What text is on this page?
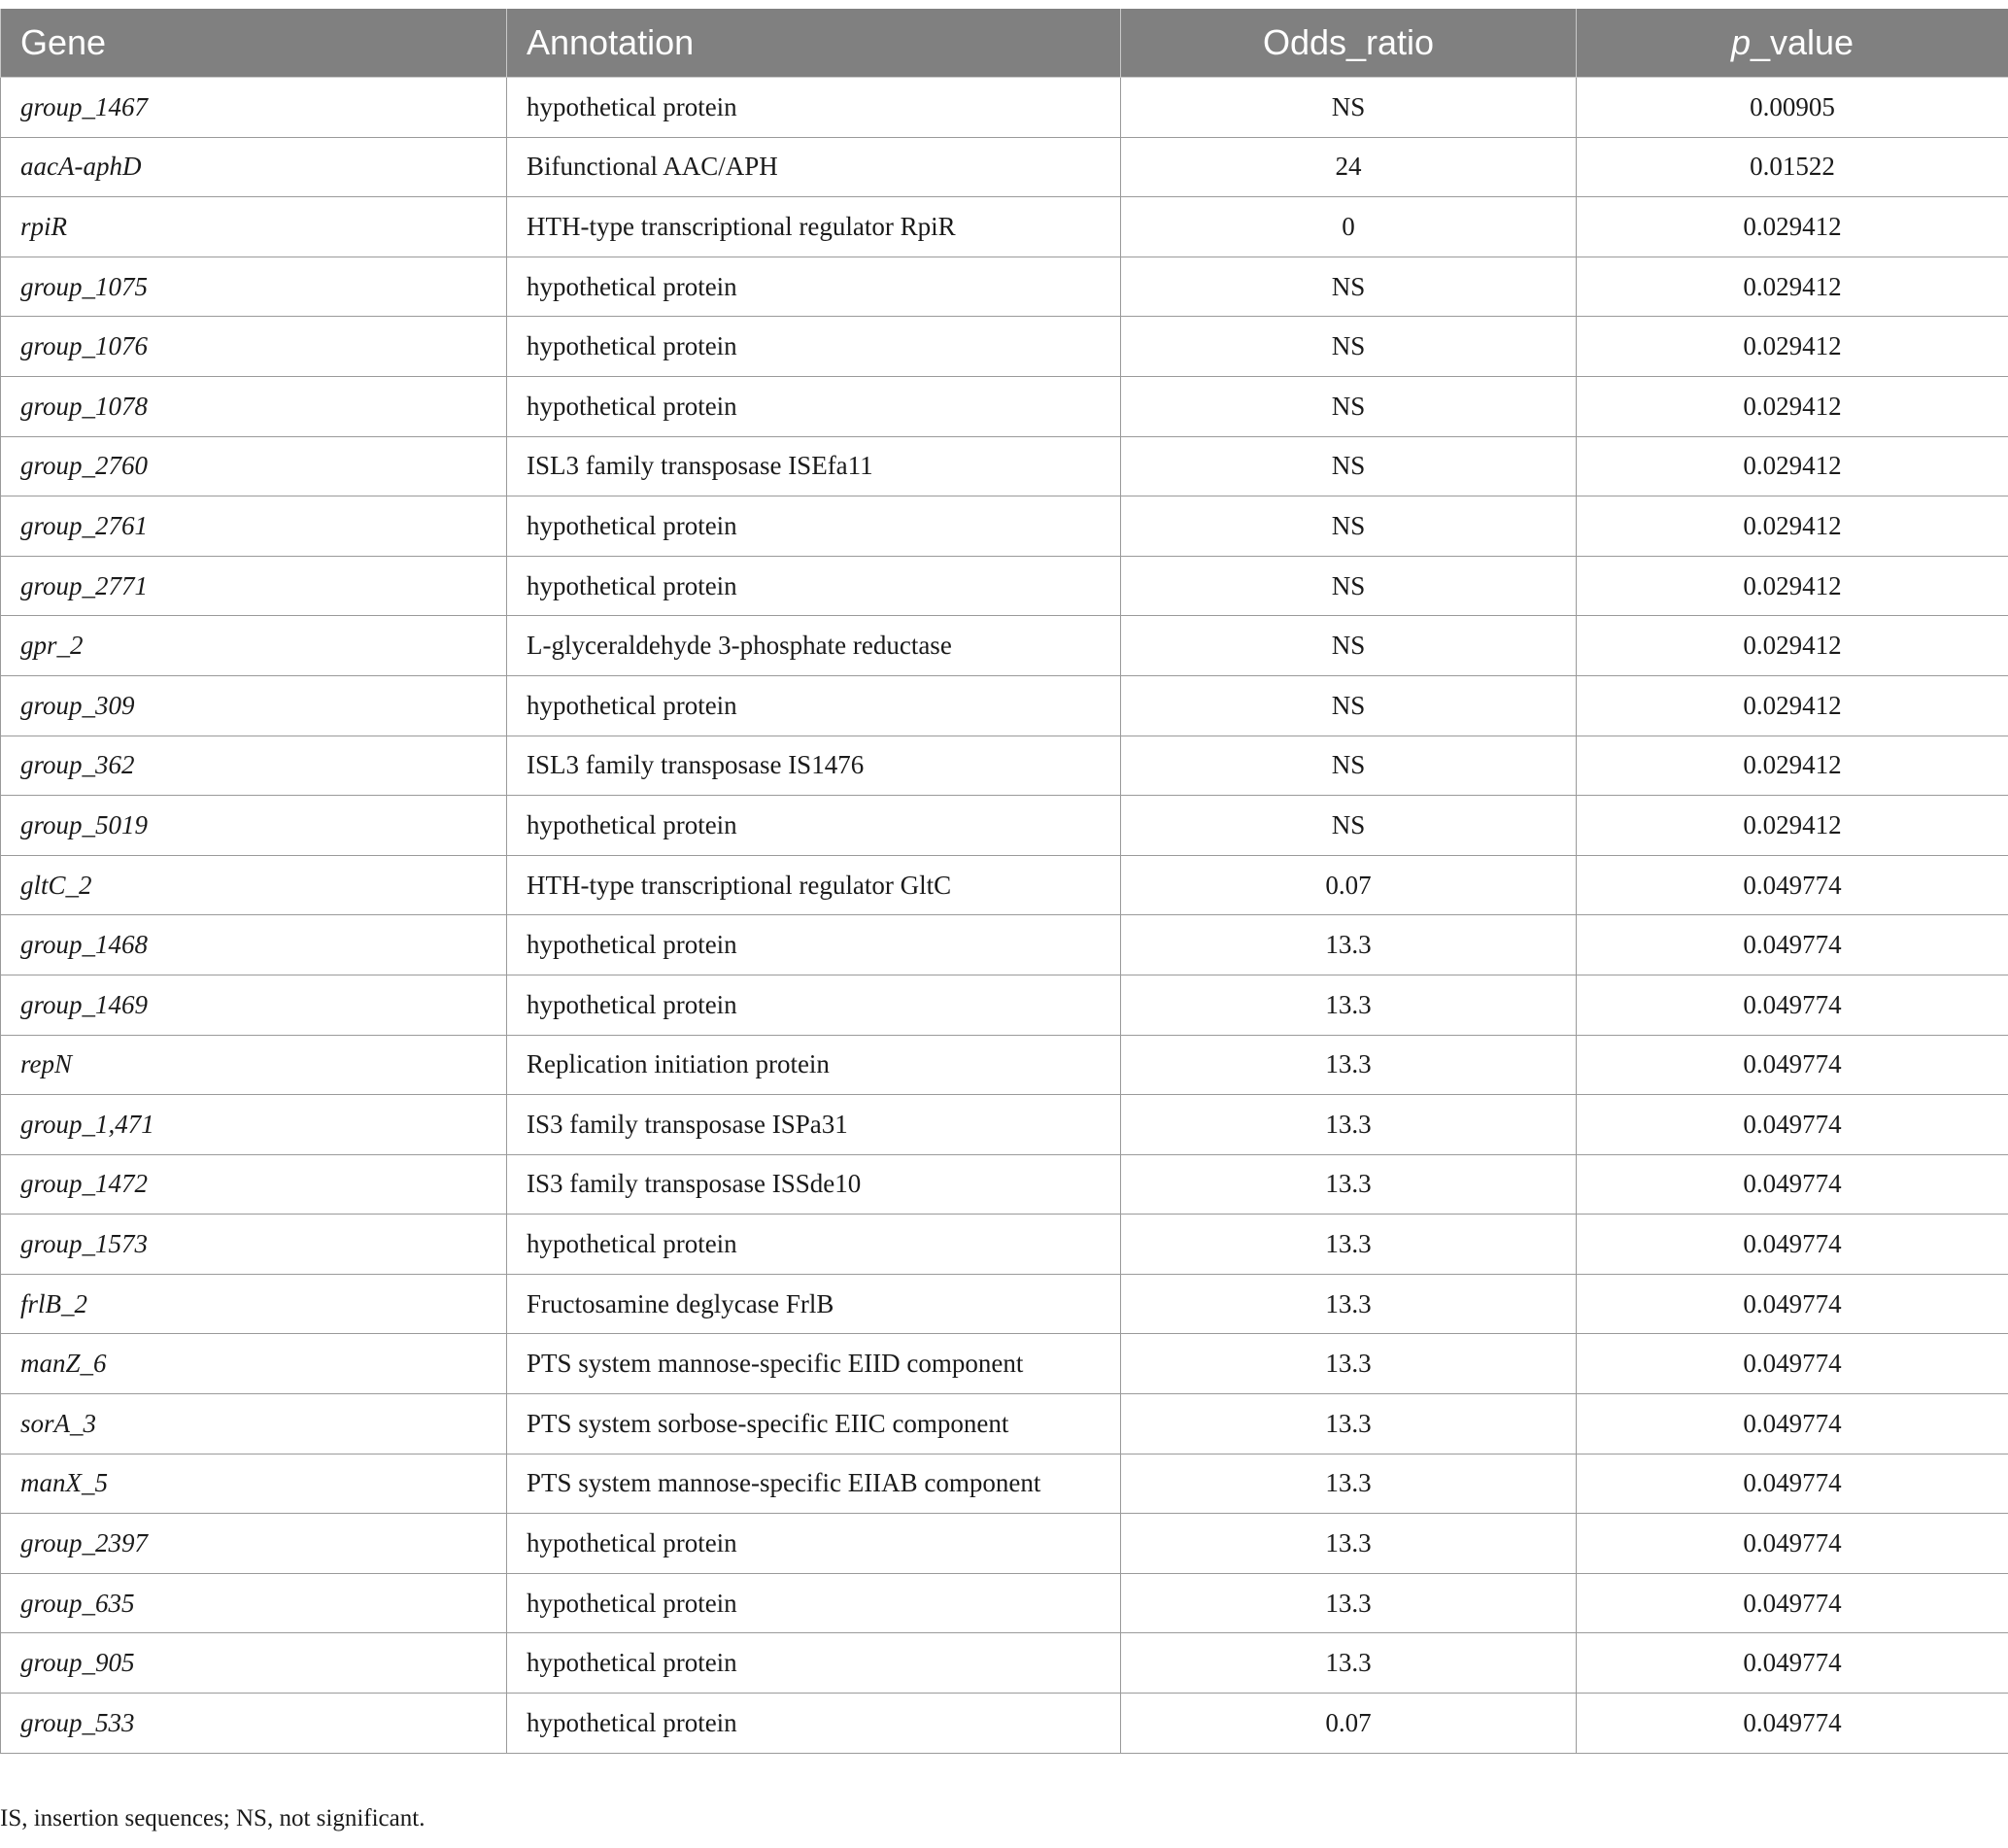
Gene	Annotation	Odds_ratio	p_value
group_1467	hypothetical protein	NS	0.00905
aacA-aphD	Bifunctional AAC/APH	24	0.01522
rpiR	HTH-type transcriptional regulator RpiR	0	0.029412
group_1075	hypothetical protein	NS	0.029412
group_1076	hypothetical protein	NS	0.029412
group_1078	hypothetical protein	NS	0.029412
group_2760	ISL3 family transposase ISEfa11	NS	0.029412
group_2761	hypothetical protein	NS	0.029412
group_2771	hypothetical protein	NS	0.029412
gpr_2	L-glyceraldehyde 3-phosphate reductase	NS	0.029412
group_309	hypothetical protein	NS	0.029412
group_362	ISL3 family transposase IS1476	NS	0.029412
group_5019	hypothetical protein	NS	0.029412
gltC_2	HTH-type transcriptional regulator GltC	0.07	0.049774
group_1468	hypothetical protein	13.3	0.049774
group_1469	hypothetical protein	13.3	0.049774
repN	Replication initiation protein	13.3	0.049774
group_1,471	IS3 family transposase ISPa31	13.3	0.049774
group_1472	IS3 family transposase ISSde10	13.3	0.049774
group_1573	hypothetical protein	13.3	0.049774
frlB_2	Fructosamine deglycase FrlB	13.3	0.049774
manZ_6	PTS system mannose-specific EIID component	13.3	0.049774
sorA_3	PTS system sorbose-specific EIIC component	13.3	0.049774
manX_5	PTS system mannose-specific EIIAB component	13.3	0.049774
group_2397	hypothetical protein	13.3	0.049774
group_635	hypothetical protein	13.3	0.049774
group_905	hypothetical protein	13.3	0.049774
group_533	hypothetical protein	0.07	0.049774
IS, insertion sequences; NS, not significant.
